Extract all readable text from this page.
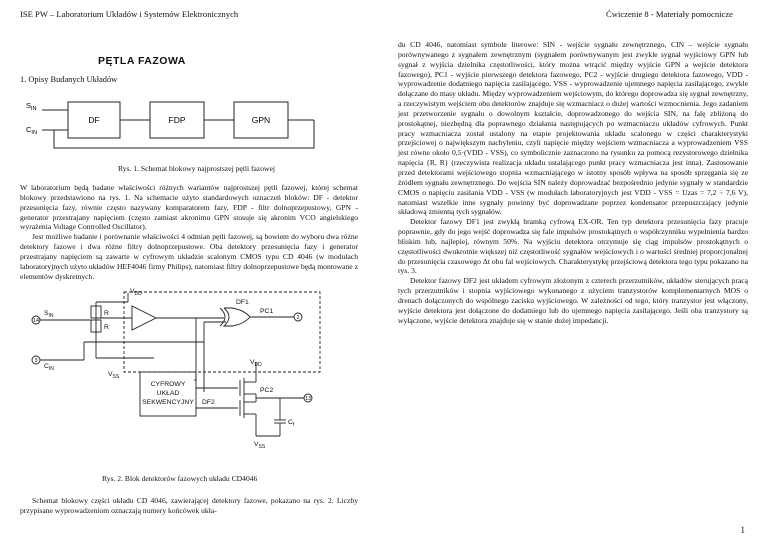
ISE PW – Laboratorium Układów i Systemów Elektronicznych	Ćwiczenie 8 - Materiały pomocnicze
PĘTLA FAZOWA
1. Opisy Budanych Układów
$S_{IN}$
$C_{IN}$
DF	FDP	GPN
Rys. 1. Schemat blokowy najprostszej pętli fazowej

W laboratorium będą badane właściwości różnych wariantów najprostszej pętli fazowej, której schemat blokowy przedstawiono na rys. 1. Na schemacie użyto standardowych oznaczeń bloków: DF - detektor przesunięcia fazy, równie często nazywany komparatorem fazy, FDP - filtr dolnoprzepustowy, GPN - generator przestrajany napięciem (często zamiast akronimu GPN stosuje się akronim VCO angielskiego wyrażenia Voltage Controlled Oscillator).

Jest możliwe badanie i porównanie właściwości 4 odmian pętli fazowej, są bowiem do wyboru dwa różne detektory fazowe i dwa różne filtry dolnoprzepustowe. Oba detektory przesunięcia fazy i generator przestrajany napięciem są zawarte w cyfrowym układzie scalonym CMOS typu CD 4046 (w modułach laboratoryjnych użyto układów HEF4046 firmy Philips), natomiast filtry dolnoprzepustowe będą montowane z elementów dyskretnych.

$V_{DD}$
$V_{DD}$
$V_{SS}$
$V_{SS}$
$S_{IN}$
$C_{IN}$
R
R
DF1
DF2
PC1
PC2
$C_f$
CYFROWY
UKŁAD
SEKWENCYJNY
14
3
2
13
Rys. 2. Blok detektorów fazowych układu CD4046

Schemat blokowy części układu CD 4046, zawierającej detektory fazowe, pokazano na rys. 2. Liczby przypisane wyprowadzeniom oznaczają numery końcówek ukła-

du CD 4046, natomiast symbole literowe: SIN - wejście sygnału zewnętrznego, CIN – wejście sygnału porównywanego z sygnałem zewnętrznym (sygnałem porównywanym jest zwykle sygnał wyjściowy GPN lub sygnał z wyjścia dzielnika częstotliwości, który można wtrącić między wyjście GPN a wejście detektora fazowego), PC1 - wyjście pierwszego detektora fazowego, PC2 - wyjście drugiego detektora fazowego, VDD - wyprowadzenie dodatniego napięcia zasilającego, VSS - wyprowadzenie ujemnego napięcia zasilającego, zwykle dołączane do masy układu. Między wyprowadzeniem wejściowym, do którego doprowadza się sygnał zewnętrzny, a rzeczywistym wejściem obu detektorów znajduje się wzmacniacz o dużej wartości wzmocnienia. Jego zadaniem jest przetworzenie sygnału o dowolnym kształcie, doprowadzonego do wejścia SIN, na falę zbliżoną do prostokątnej, niezbędną dla poprawnego działania następujących po wzmacniaczu układów cyfrowych. Punkt pracy wzmacniacza został ustalony na etapie projektowania układu scalonego w części charakterystyki przejściowej o największym nachyleniu, czyli napięcie między wejściem wzmacniacza a wyprowadzeniem VSS jest równe około 0,5·(VDD - VSS), co symbolicznie zaznaczono na rysunku za pomocą rezystorowego dzielnika napięcia {R, R} (rzeczywista realizacja układu ustalającego punkt pracy wzmacniacza jest inna). Zastosowanie przed detektorami wejściowego stopnia wzmacniającego w istotny sposób wpływa na sposób sprzęgania się ze źródłem sygnału zewnętrznego. Do wejścia SIN należy doprowadzać bezpośrednio jedynie sygnały w standardzie CMOS o napięciu zasilania VDD - VSS (w modułach laboratoryjnych jest VDD - VSS = Uzas = 7,2 ÷ 7,6 V), natomiast wszelkie inne sygnały powinny być doprowadzane poprzez kondensator przepuszczający jedynie składową zmienną tych sygnałów.

Detektor fazowy DF1 jest zwykłą bramką cyfrową EX-OR. Ten typ detektora przesunięcia fazy pracuje poprawnie, gdy do jego wejść doprowadza się fale impulsów prostokątnych o współczynniku wypełnienia bardzo bliskim lub, najlepiej, równym 50%. Na wyjściu detektora otrzymuje się ciąg impulsów prostokątnych o częstotliwości dwukrotnie większej niż częstotliwość sygnałów wejściowych i o wartości średniej proporcjonalnej do przesunięcia czasowego Δt obu fal wejściowych. Charakterystykę przejściową detektora tego typu pokazano na rys. 3.

Detektor fazowy DF2 jest układem cyfrowym złożonym z czterech przerzutników, układów sterujących pracą tych przerzutników i stopnia wyjściowego wykonanego z użyciem tranzystorów komplementarnych MOS o drenach dołączonych do wspólnego zacisku wyjściowego. W zależności od tego, który tranzystor jest włączony, wyjście detektora jest dołączone do dodatniego lub do ujemnego napięcia zasilającego. Jeśli oba tranzystory są wyłączone, wyjście detektora znajduje się w stanie dużej impedancji.

1
